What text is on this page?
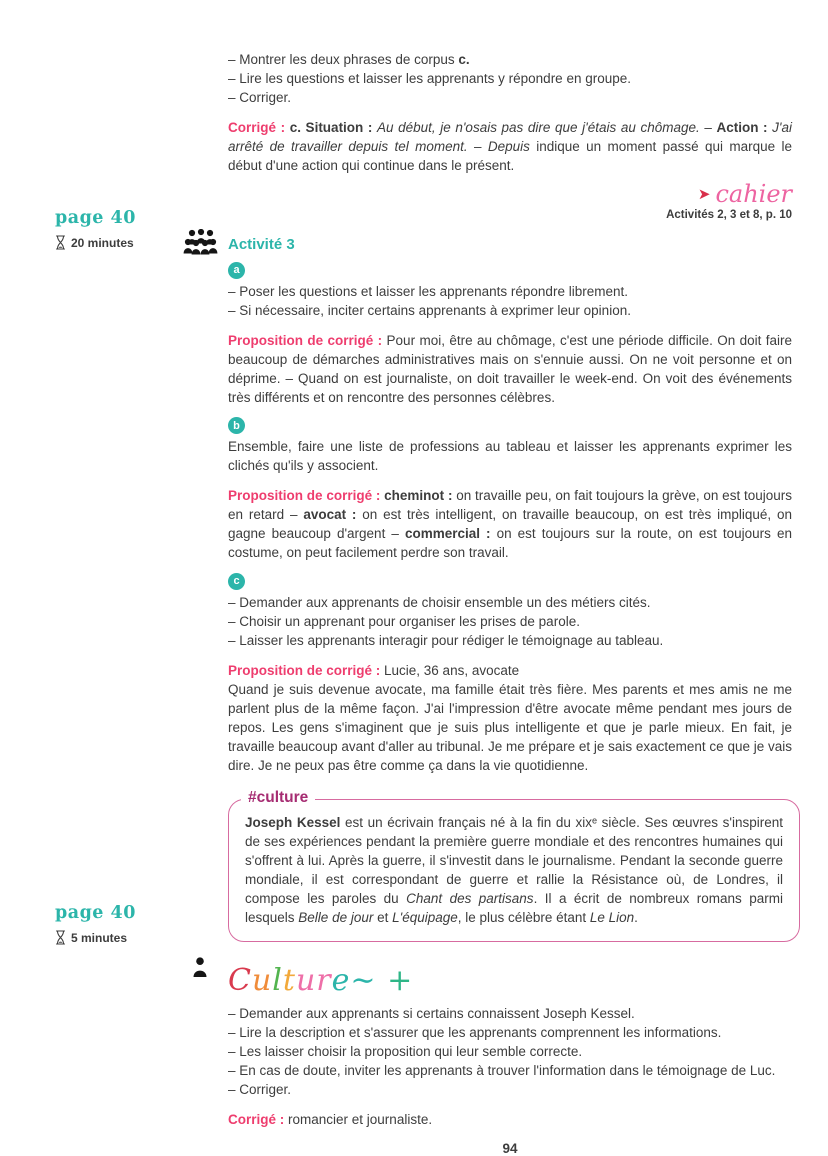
page 40
20 minutes
page 40
5 minutes
– Montrer les deux phrases de corpus c.
– Lire les questions et laisser les apprenants y répondre en groupe.
– Corriger.
Corrigé : c. Situation : Au début, je n'osais pas dire que j'étais au chômage. – Action : J'ai arrêté de travailler depuis tel moment. – Depuis indique un moment passé qui marque le début d'une action qui continue dans le présent.
➤ cahier
Activités 2, 3 et 8, p. 10
Activité 3
a
– Poser les questions et laisser les apprenants répondre librement.
– Si nécessaire, inciter certains apprenants à exprimer leur opinion.
Proposition de corrigé : Pour moi, être au chômage, c'est une période difficile. On doit faire beaucoup de démarches administratives mais on s'ennuie aussi. On ne voit personne et on déprime. – Quand on est journaliste, on doit travailler le week-end. On voit des événements très différents et on rencontre des personnes célèbres.
b
Ensemble, faire une liste de professions au tableau et laisser les apprenants exprimer les clichés qu'ils y associent.
Proposition de corrigé : cheminot : on travaille peu, on fait toujours la grève, on est toujours en retard – avocat : on est très intelligent, on travaille beaucoup, on est très impliqué, on gagne beaucoup d'argent – commercial : on est toujours sur la route, on est toujours en costume, on peut facilement perdre son travail.
c
– Demander aux apprenants de choisir ensemble un des métiers cités.
– Choisir un apprenant pour organiser les prises de parole.
– Laisser les apprenants interagir pour rédiger le témoignage au tableau.
Proposition de corrigé : Lucie, 36 ans, avocate
Quand je suis devenue avocate, ma famille était très fière. Mes parents et mes amis ne me parlent plus de la même façon. J'ai l'impression d'être avocate même pendant mes jours de repos. Les gens s'imaginent que je suis plus intelligente et que je parle mieux. En fait, je travaille beaucoup avant d'aller au tribunal. Je me prépare et je sais exactement ce que je vais dire. Je ne peux pas être comme ça dans la vie quotidienne.
#culture
Joseph Kessel est un écrivain français né à la fin du xixᵉ siècle. Ses œuvres s'inspirent de ses expériences pendant la première guerre mondiale et des rencontres humaines qui s'offrent à lui. Après la guerre, il s'investit dans le journalisme. Pendant la seconde guerre mondiale, il est correspondant de guerre et rallie la Résistance où, de Londres, il compose les paroles du Chant des partisans. Il a écrit de nombreux romans parmi lesquels Belle de jour et L'équipage, le plus célèbre étant Le Lion.
Culture∼ +
– Demander aux apprenants si certains connaissent Joseph Kessel.
– Lire la description et s'assurer que les apprenants comprennent les informations.
– Les laisser choisir la proposition qui leur semble correcte.
– En cas de doute, inviter les apprenants à trouver l'information dans le témoignage de Luc.
– Corriger.
Corrigé : romancier et journaliste.
94
